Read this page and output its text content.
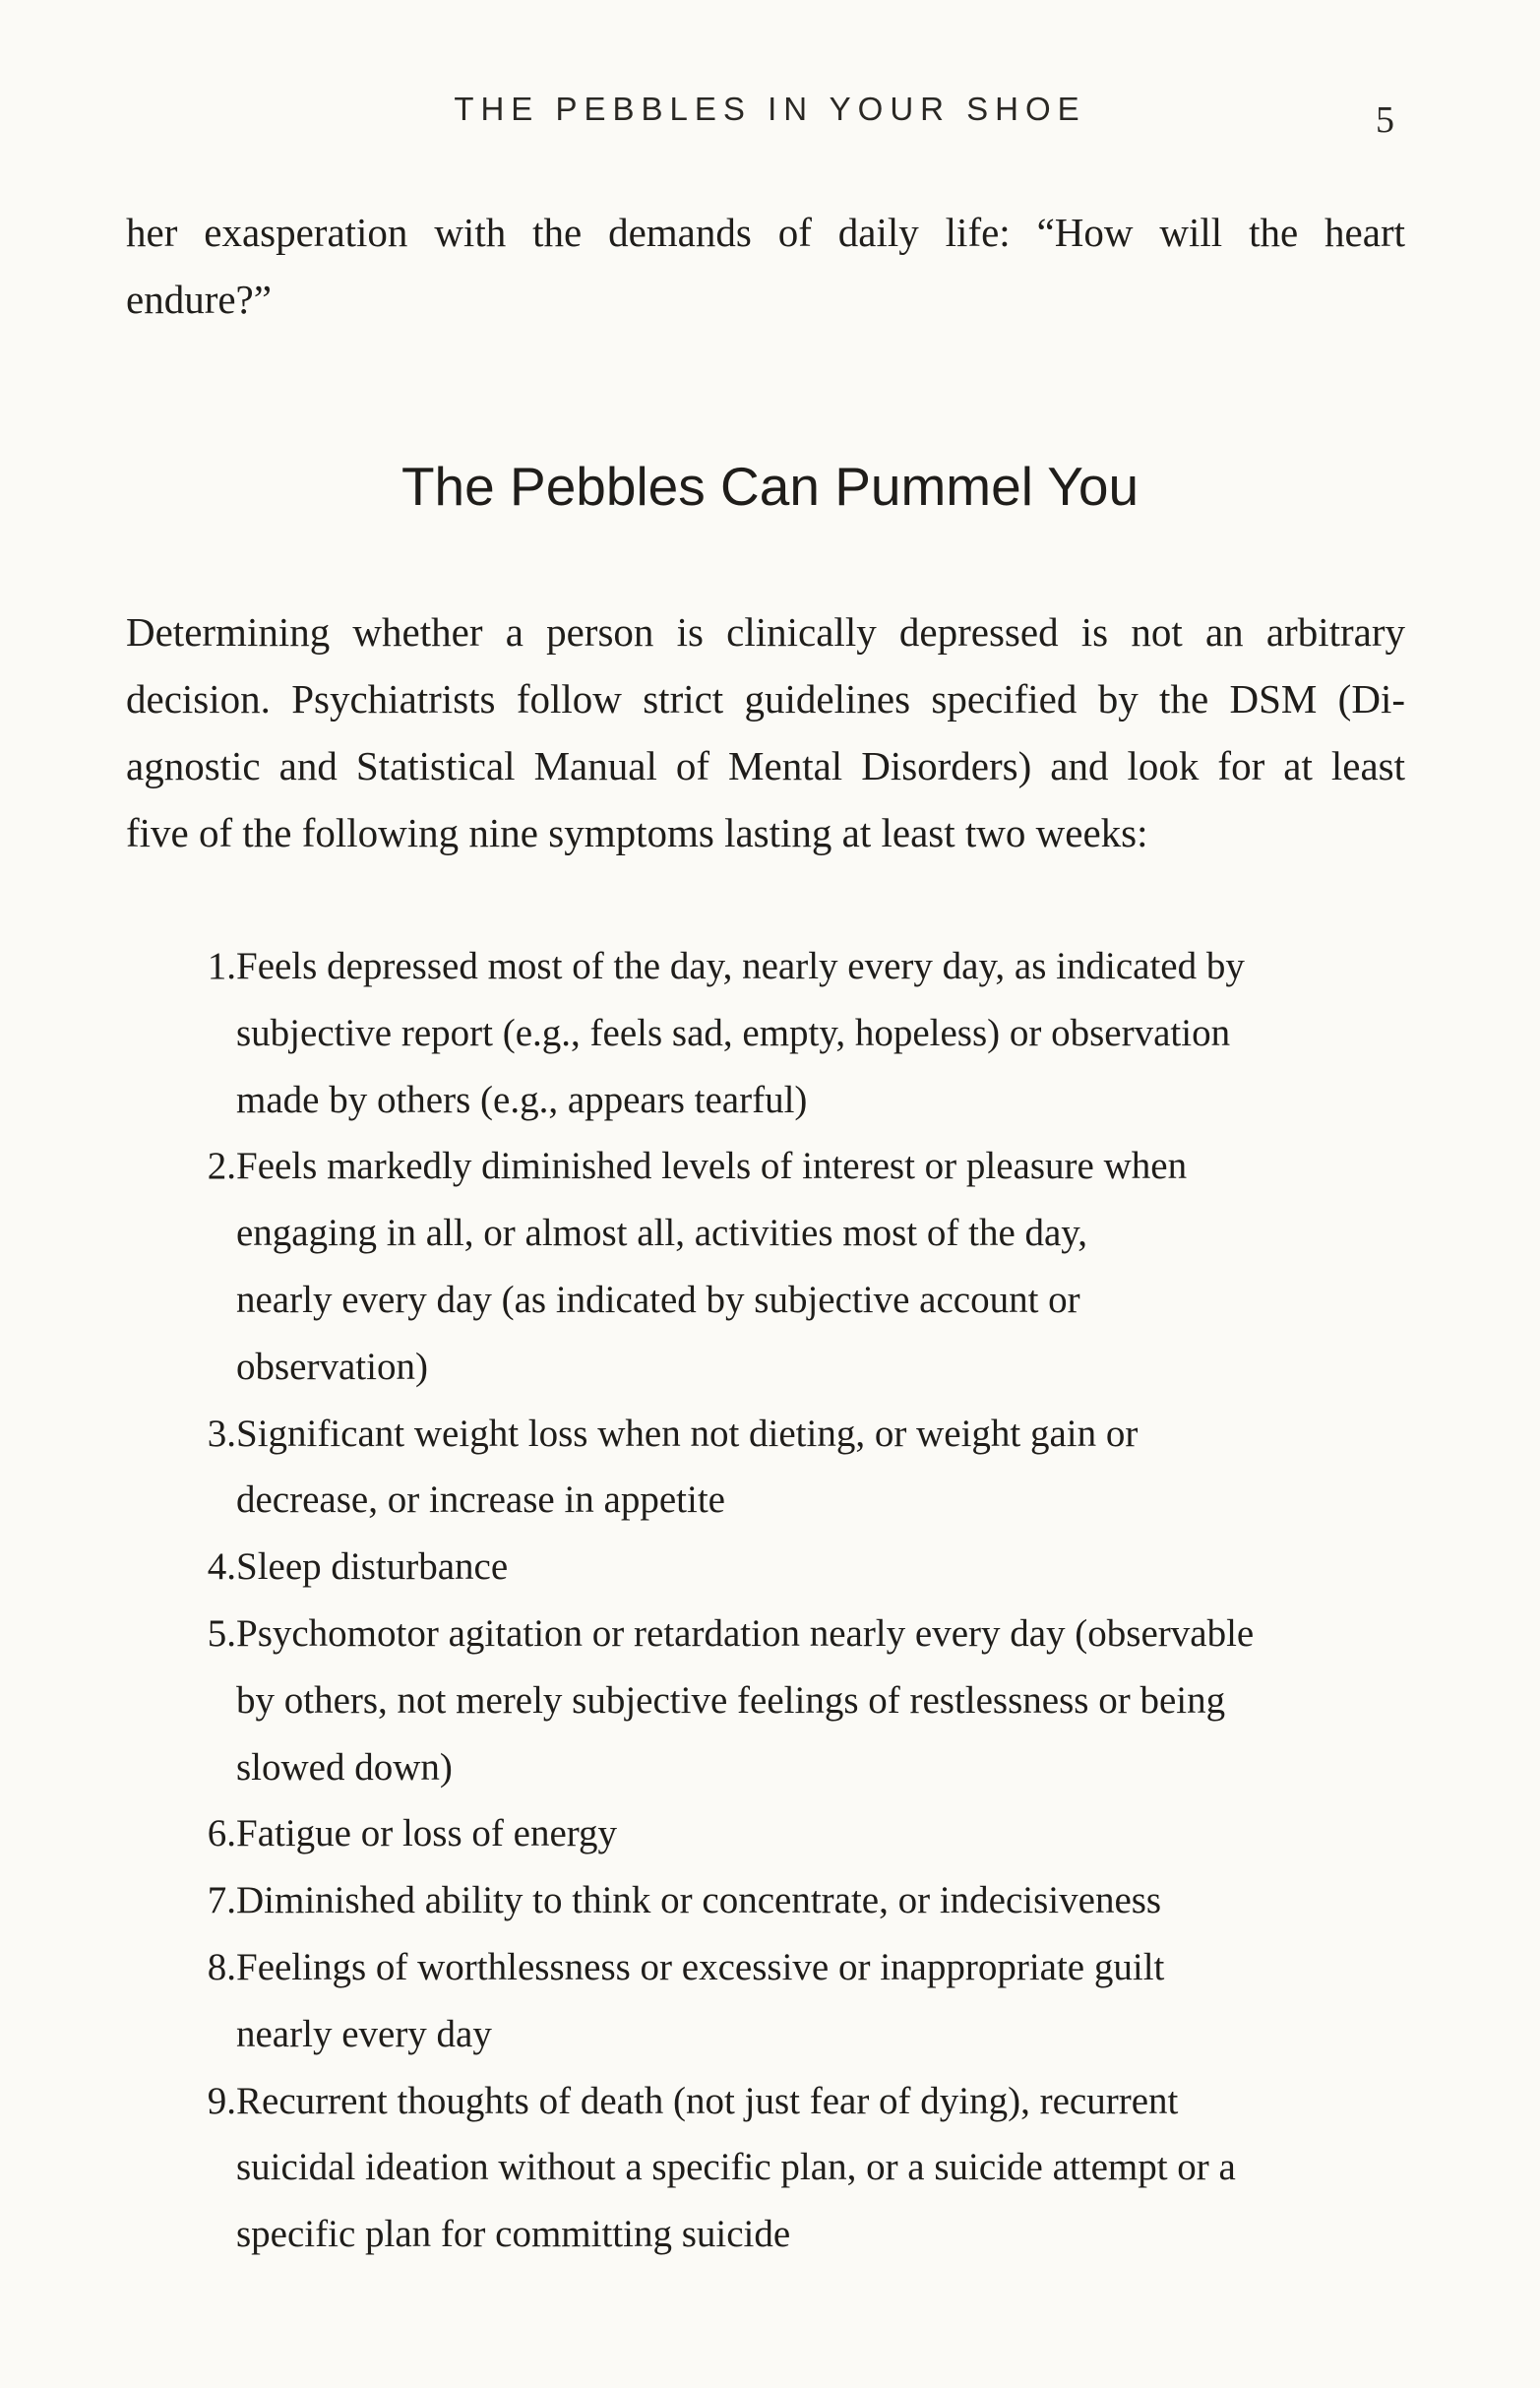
THE PEBBLES IN YOUR SHOE	5

her exasperation with the demands of daily life: “How will the heart
endure?”

The Pebbles Can Pummel You

Determining whether a person is clinically depressed is not an arbitrary
decision. Psychiatrists follow strict guidelines specified by the DSM (Di-
agnostic and Statistical Manual of Mental Disorders) and look for at least
five of the following nine symptoms lasting at least two weeks:

1. Feels depressed most of the day, nearly every day, as indicated by
subjective report (e.g., feels sad, empty, hopeless) or observation
made by others (e.g., appears tearful)
2. Feels markedly diminished levels of interest or pleasure when
engaging in all, or almost all, activities most of the day,
nearly every day (as indicated by subjective account or
observation)
3. Significant weight loss when not dieting, or weight gain or
decrease, or increase in appetite
4. Sleep disturbance
5. Psychomotor agitation or retardation nearly every day (observable
by others, not merely subjective feelings of restlessness or being
slowed down)
6. Fatigue or loss of energy
7. Diminished ability to think or concentrate, or indecisiveness
8. Feelings of worthlessness or excessive or inappropriate guilt
nearly every day
9. Recurrent thoughts of death (not just fear of dying), recurrent
suicidal ideation without a specific plan, or a suicide attempt or a
specific plan for committing suicide
